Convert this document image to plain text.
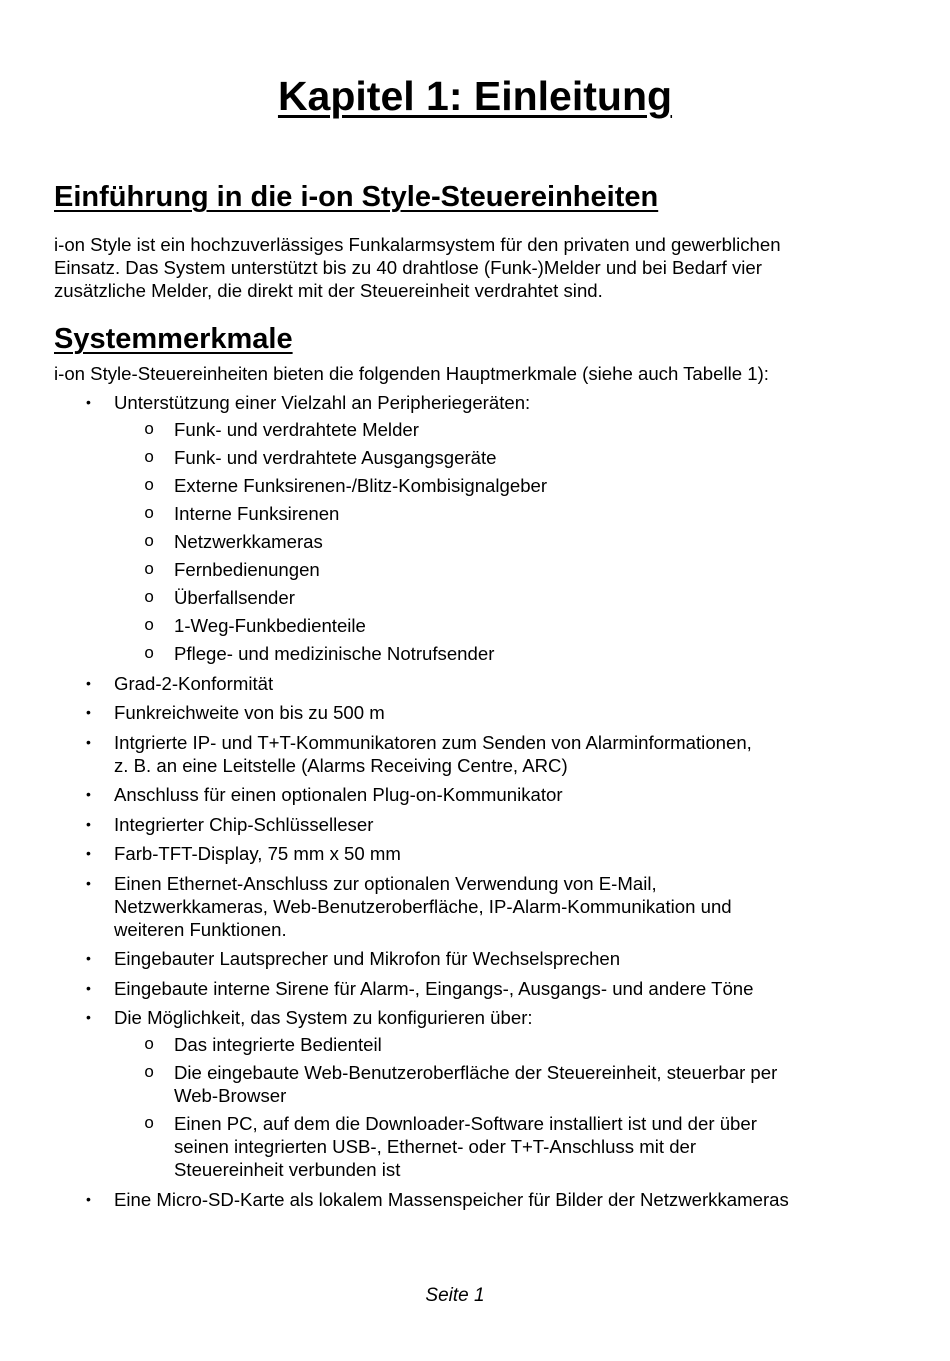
Kapitel 1: Einleitung
Einführung in die i-on Style-Steuereinheiten

i-on Style ist ein hochzuverlässiges Funkalarmsystem für den privaten und gewerblichen
Einsatz. Das System unterstützt bis zu 40 drahtlose (Funk-)Melder und bei Bedarf vier
zusätzliche Melder, die direkt mit der Steuereinheit verdrahtet sind.

Systemmerkmale

i-on Style-Steuereinheiten bieten die folgenden Hauptmerkmale (siehe auch Tabelle 1):

• Unterstützung einer Vielzahl an Peripheriegeräten:
o Funk- und verdrahtete Melder
o Funk- und verdrahtete Ausgangsgeräte
o Externe Funksirenen-/Blitz-Kombisignalgeber
o Interne Funksirenen
o Netzwerkkameras
o Fernbedienungen
o Überfallsender
o 1-Weg-Funkbedienteile
o Pflege- und medizinische Notrufsender
• Grad-2-Konformität
• Funkreichweite von bis zu 500 m
• Intgrierte IP- und T+T-Kommunikatoren zum Senden von Alarminformationen,
z. B. an eine Leitstelle (Alarms Receiving Centre, ARC)
• Anschluss für einen optionalen Plug-on-Kommunikator
• Integrierter Chip-Schlüsselleser
• Farb-TFT-Display, 75 mm x 50 mm
• Einen Ethernet-Anschluss zur optionalen Verwendung von E-Mail,
Netzwerkkameras, Web-Benutzeroberfläche, IP-Alarm-Kommunikation und
weiteren Funktionen.
• Eingebauter Lautsprecher und Mikrofon für Wechselsprechen
• Eingebaute interne Sirene für Alarm-, Eingangs-, Ausgangs- und andere Töne
• Die Möglichkeit, das System zu konfigurieren über:
o Das integrierte Bedienteil
o Die eingebaute Web-Benutzeroberfläche der Steuereinheit, steuerbar per
Web-Browser
o Einen PC, auf dem die Downloader-Software installiert ist und der über
seinen integrierten USB-, Ethernet- oder T+T-Anschluss mit der
Steuereinheit verbunden ist
• Eine Micro-SD-Karte als lokalem Massenspeicher für Bilder der Netzwerkkameras
Seite 1
